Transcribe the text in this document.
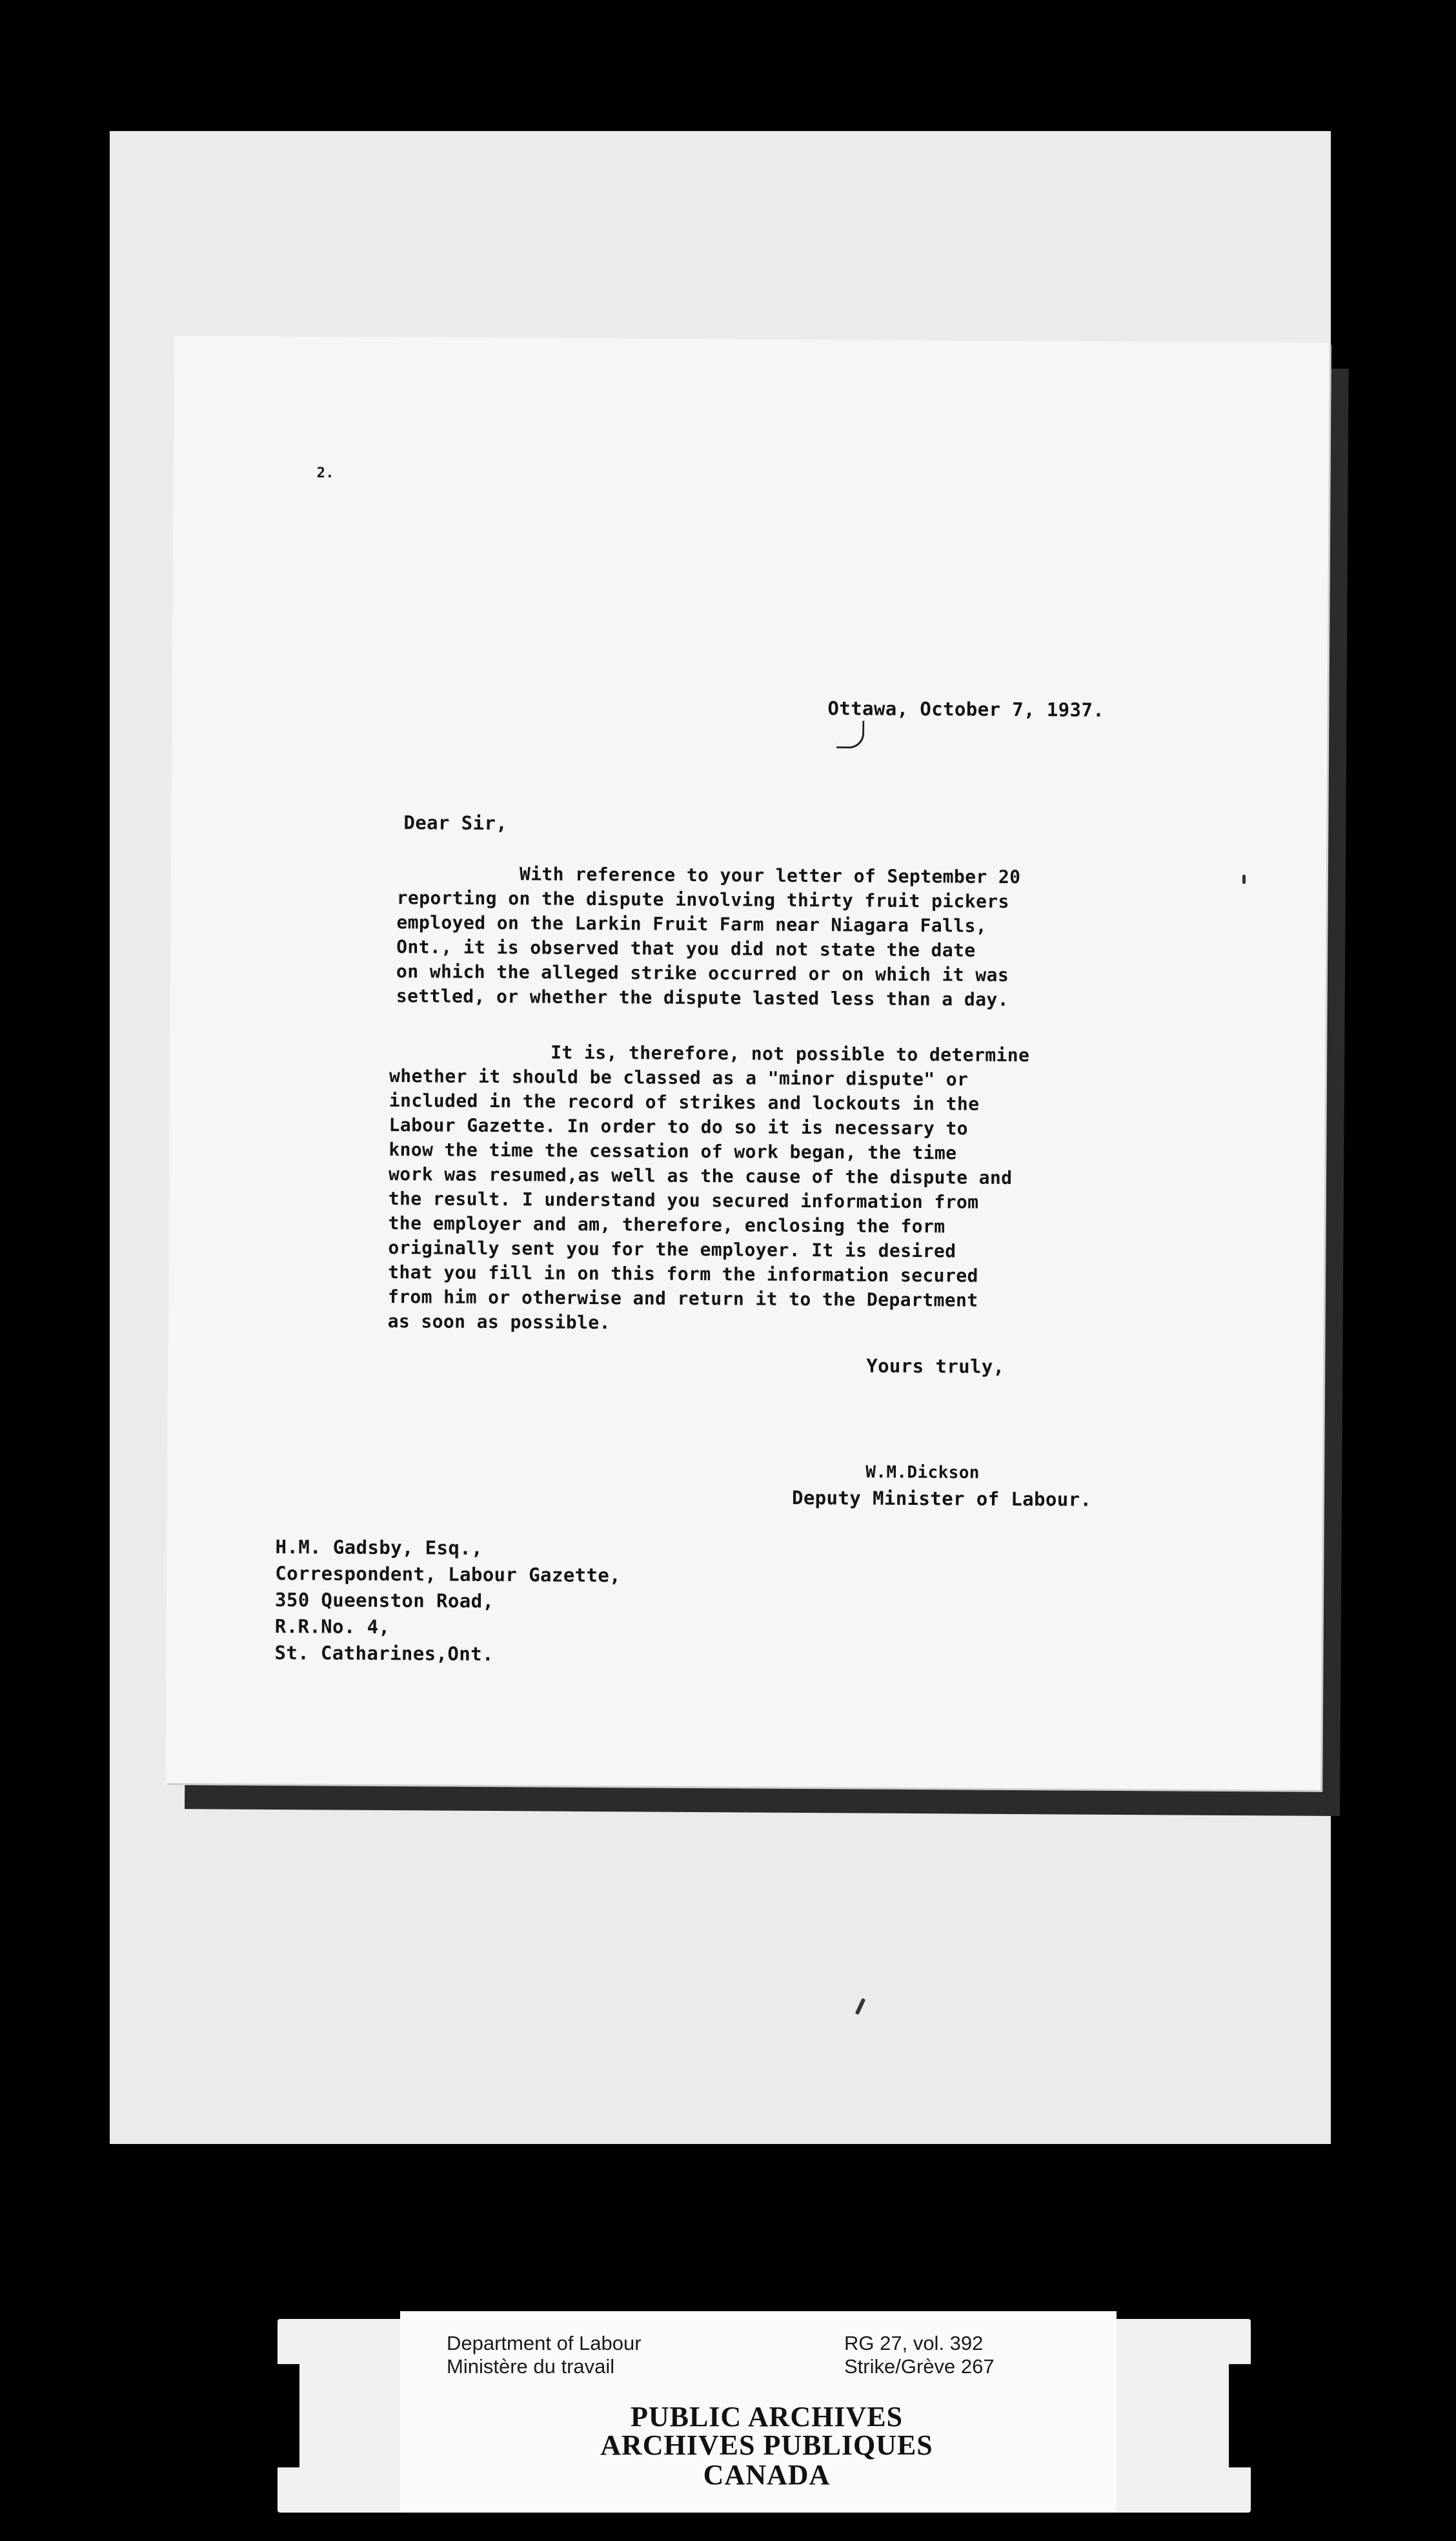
2.
Ottawa, October 7, 1937.
Dear Sir,
With reference to your letter of September 20
reporting on the dispute involving thirty fruit pickers
employed on the Larkin Fruit Farm near Niagara Falls,
Ont., it is observed that you did not state the date
on which the alleged strike occurred or on which it was
settled, or whether the dispute lasted less than a day.
It is, therefore, not possible to determine
whether it should be classed as a "minor dispute" or
included in the record of strikes and lockouts in the
Labour Gazette. In order to do so it is necessary to
know the time the cessation of work began, the time
work was resumed,as well as the cause of the dispute and
the result. I understand you secured information from
the employer and am, therefore, enclosing the form
originally sent you for the employer. It is desired
that you fill in on this form the information secured
from him or otherwise and return it to the Department
as soon as possible.
Yours truly,
W.M.Dickson
Deputy Minister of Labour.
H.M. Gadsby, Esq.,
Correspondent, Labour Gazette,
350 Queenston Road,
R.R.No. 4,
St. Catharines,Ont.
Department of Labour
Ministère du travail
RG 27, vol. 392
Strike/Grève 267
PUBLIC ARCHIVES
ARCHIVES PUBLIQUES
CANADA
